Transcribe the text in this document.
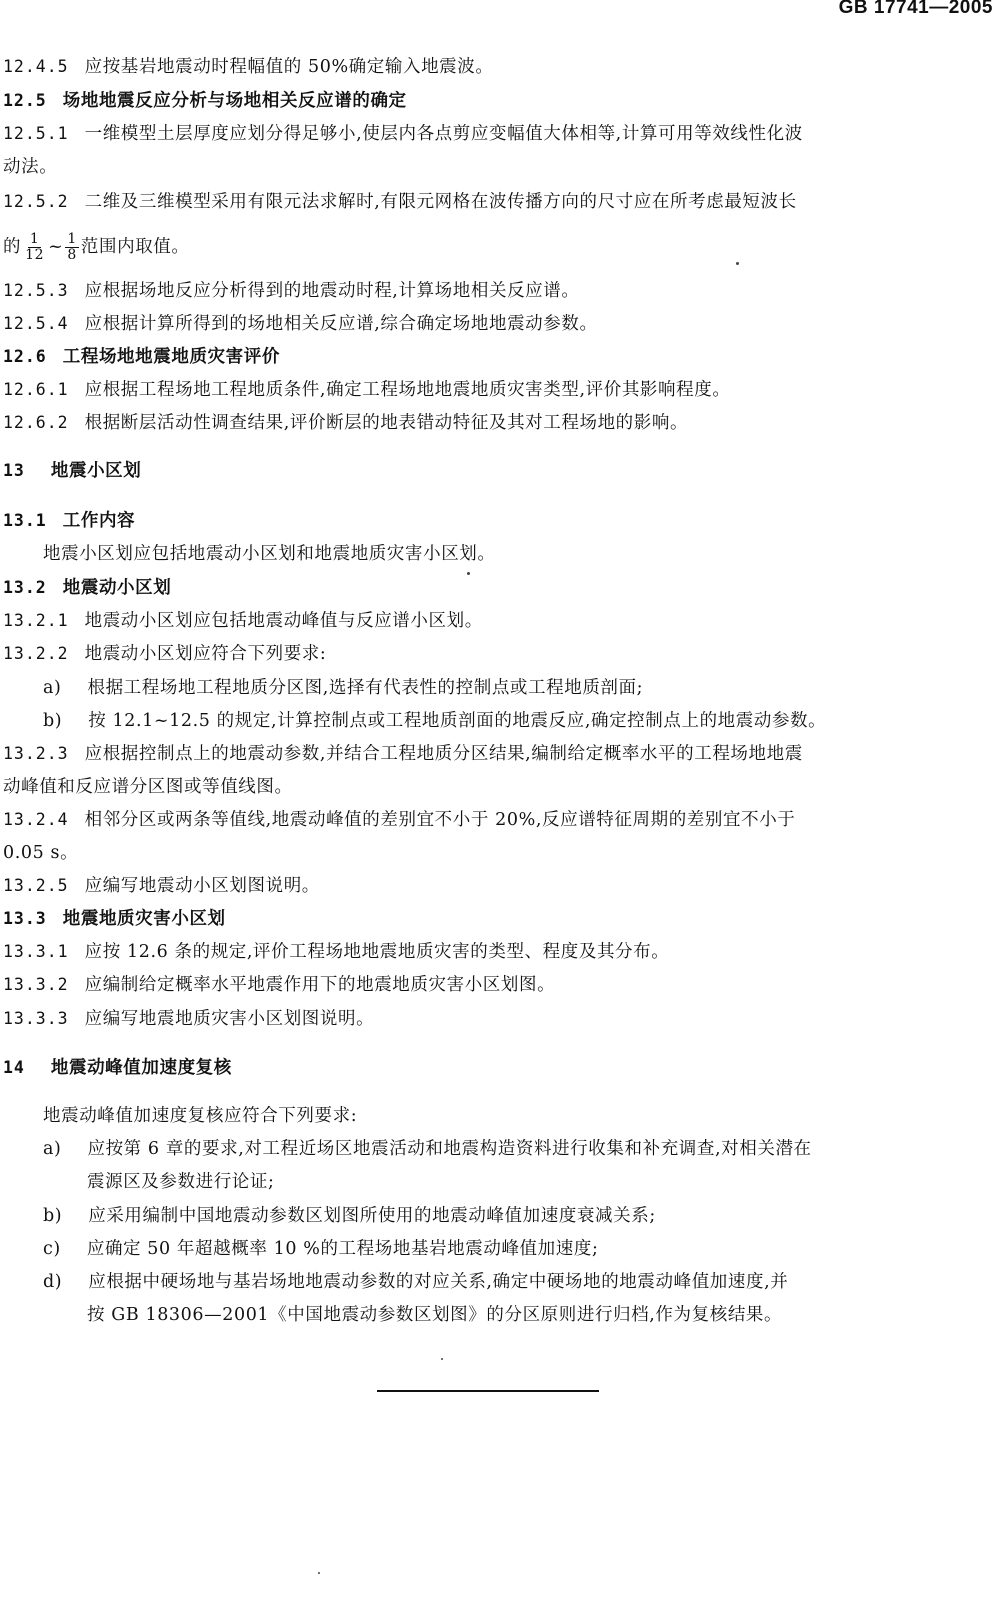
GB 17741—2005
12.4.5 应按基岩地震动时程幅值的 50%确定输入地震波。
12.5 场地地震反应分析与场地相关反应谱的确定
12.5.1 一维模型土层厚度应划分得足够小,使层内各点剪应变幅值大体相等,计算可用等效线性化波
动法。
12.5.2 二维及三维模型采用有限元法求解时,有限元网格在波传播方向的尺寸应在所考虑最短波长
的 $\frac{1}{12}$ ~ $\frac{1}{8}$ 范围内取值。
12.5.3 应根据场地反应分析得到的地震动时程,计算场地相关反应谱。
12.5.4 应根据计算所得到的场地相关反应谱,综合确定场地地震动参数。
12.6 工程场地地震地质灾害评价
12.6.1 应根据工程场地工程地质条件,确定工程场地地震地质灾害类型,评价其影响程度。
12.6.2 根据断层活动性调查结果,评价断层的地表错动特征及其对工程场地的影响。
13 地震小区划
13.1 工作内容
地震小区划应包括地震动小区划和地震地质灾害小区划。
13.2 地震动小区划
13.2.1 地震动小区划应包括地震动峰值与反应谱小区划。
13.2.2 地震动小区划应符合下列要求:
a) 根据工程场地工程地质分区图,选择有代表性的控制点或工程地质剖面;
b) 按 12.1~12.5 的规定,计算控制点或工程地质剖面的地震反应,确定控制点上的地震动参数。
13.2.3 应根据控制点上的地震动参数,并结合工程地质分区结果,编制给定概率水平的工程场地地震
动峰值和反应谱分区图或等值线图。
13.2.4 相邻分区或两条等值线,地震动峰值的差别宜不小于 20%,反应谱特征周期的差别宜不小于
0.05 s。
13.2.5 应编写地震动小区划图说明。
13.3 地震地质灾害小区划
13.3.1 应按 12.6 条的规定,评价工程场地地震地质灾害的类型、程度及其分布。
13.3.2 应编制给定概率水平地震作用下的地震地质灾害小区划图。
13.3.3 应编写地震地质灾害小区划图说明。
14 地震动峰值加速度复核
地震动峰值加速度复核应符合下列要求:
a) 应按第 6 章的要求,对工程近场区地震活动和地震构造资料进行收集和补充调查,对相关潜在
震源区及参数进行论证;
b) 应采用编制中国地震动参数区划图所使用的地震动峰值加速度衰减关系;
c) 应确定 50 年超越概率 10 %的工程场地基岩地震动峰值加速度;
d) 应根据中硬场地与基岩场地地震动参数的对应关系,确定中硬场地的地震动峰值加速度,并
按 GB 18306—2001《中国地震动参数区划图》的分区原则进行归档,作为复核结果。
